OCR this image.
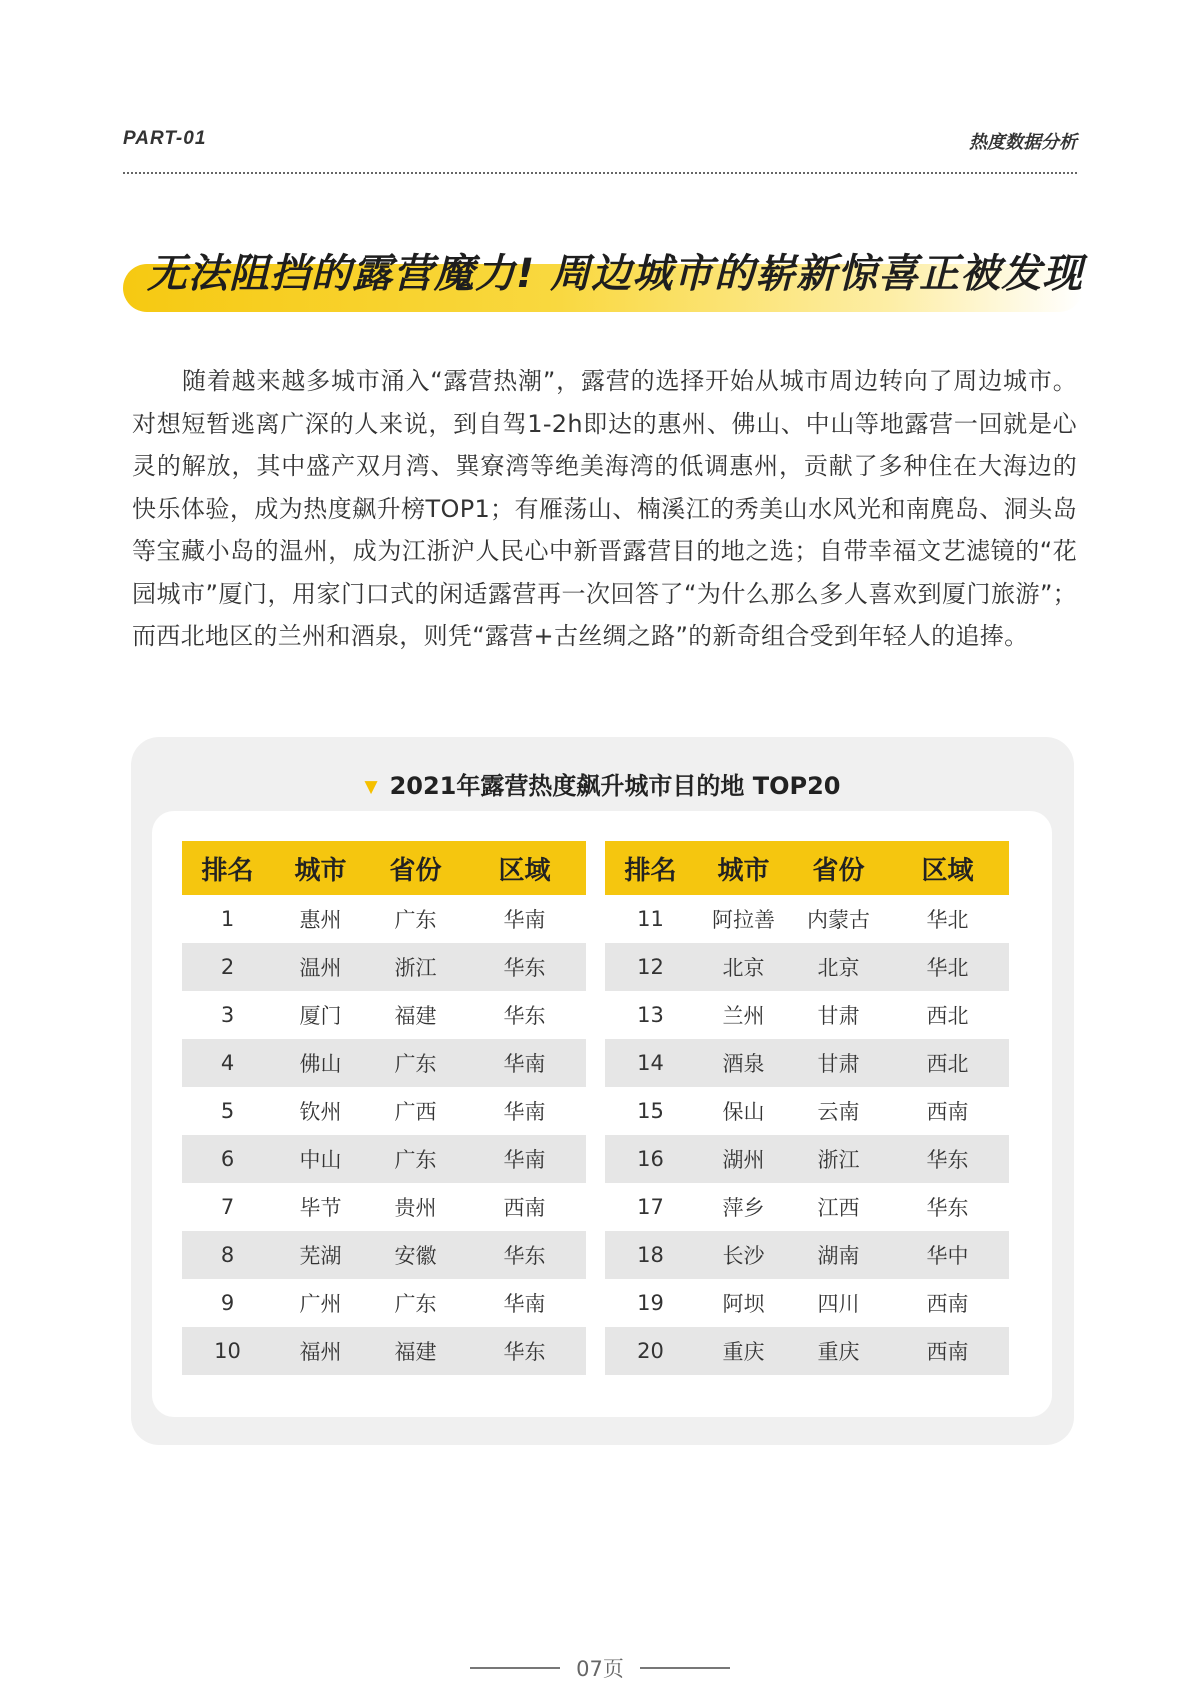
PART-01	热度数据分析
无法阻挡的露营魔力! 周边城市的崭新惊喜正被发现

随着越来越多城市涌入“露营热潮”，露营的选择开始从城市周边转向了周边城市。对想短暂逃离广深的人来说，到自驾1-2h即达的惠州、佛山、中山等地露营一回就是心灵的解放，其中盛产双月湾、巽寮湾等绝美海湾的低调惠州，贡献了多种住在大海边的快乐体验，成为热度飙升榜TOP1；有雁荡山、楠溪江的秀美山水风光和南麂岛、洞头岛等宝藏小岛的温州，成为江浙沪人民心中新晋露营目的地之选；自带幸福文艺滤镜的“花园城市”厦门，用家门口式的闲适露营再一次回答了“为什么那么多人喜欢到厦门旅游”；而西北地区的兰州和酒泉，则凭“露营+古丝绸之路”的新奇组合受到年轻人的追捧。

▼ 2021年露营热度飙升城市目的地 TOP20
排名	城市	省份	区域
1	惠州	广东	华南
2	温州	浙江	华东
3	厦门	福建	华东
4	佛山	广东	华南
5	钦州	广西	华南
6	中山	广东	华南
7	毕节	贵州	西南
8	芜湖	安徽	华东
9	广州	广东	华南
10	福州	福建	华东
排名	城市	省份	区域
11	阿拉善	内蒙古	华北
12	北京	北京	华北
13	兰州	甘肃	西北
14	酒泉	甘肃	西北
15	保山	云南	西南
16	湖州	浙江	华东
17	萍乡	江西	华东
18	长沙	湖南	华中
19	阿坝	四川	西南
20	重庆	重庆	西南
07页
